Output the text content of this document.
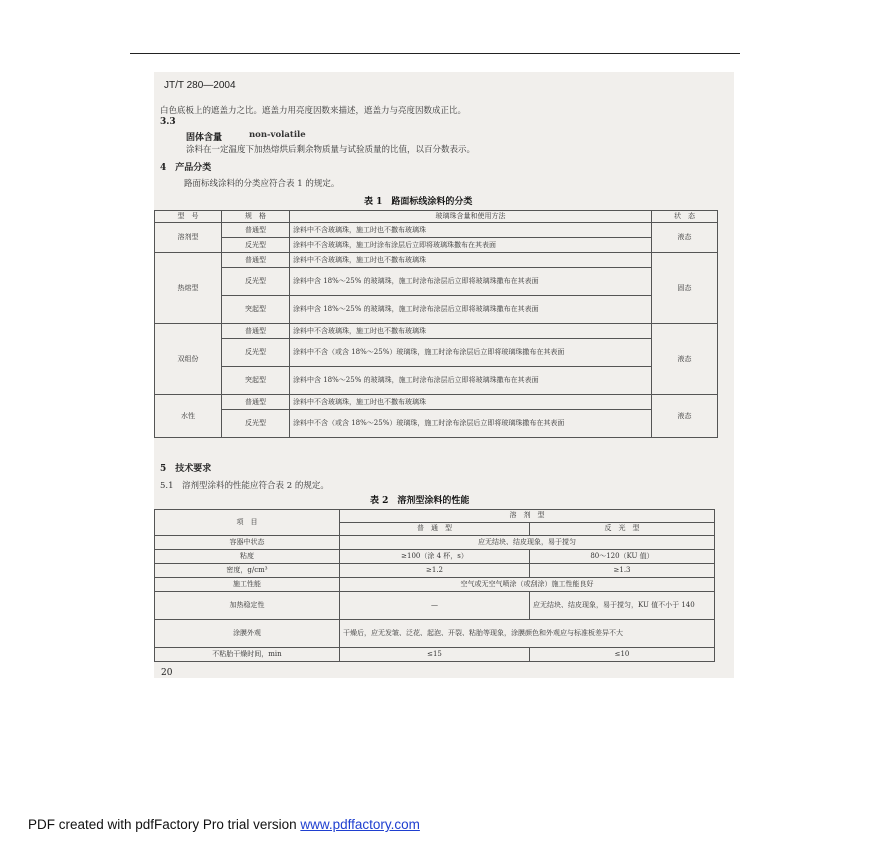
JT/T 280—2004
白色底板上的遮盖力之比。遮盖力用亮度因数来描述，遮盖力与亮度因数成正比。
3.3
固体含量	non-volatile
涂料在一定温度下加热熔烘后剩余物质量与试验质量的比值，以百分数表示。
4　产品分类
路面标线涂料的分类应符合表 1 的规定。
表 1　路面标线涂料的分类
型　号	规　格	玻璃珠含量和使用方法	状　态
溶剂型	普通型	涂料中不含玻璃珠，施工时也不撒布玻璃珠	液态
	反光型	涂料中不含玻璃珠，施工时涂布涂层后立即将玻璃珠撒布在其表面	
热熔型	普通型	涂料中不含玻璃珠，施工时也不撒布玻璃珠	固态
	反光型	涂料中含 18%～25% 的玻璃珠，施工时涂布涂层后立即将玻璃珠撒布在其表面	
	突起型	涂料中含 18%～25% 的玻璃珠，施工时涂布涂层后立即将玻璃珠撒布在其表面	
双组份	普通型	涂料中不含玻璃珠，施工时也不撒布玻璃珠	液态
	反光型	涂料中不含（或含 18%～25%）玻璃珠，施工时涂布涂层后立即将玻璃珠撒布在其表面	
	突起型	涂料中含 18%～25% 的玻璃珠，施工时涂布涂层后立即将玻璃珠撒布在其表面	
水性	普通型	涂料中不含玻璃珠，施工时也不撒布玻璃珠	液态
	反光型	涂料中不含（或含 18%～25%）玻璃珠，施工时涂布涂层后立即将玻璃珠撒布在其表面	
5　技术要求
5.1　溶剂型涂料的性能应符合表 2 的规定。
表 2　溶剂型涂料的性能
项　目	溶　剂　型	
	普　通　型	反　光　型
容器中状态	应无结块、结皮现象，易于搅匀	
粘度	≥100（涂 4 杯，s）	80～120（KU 值）
密度，g/cm³	≥1.2	≥1.3
施工性能	空气或无空气喷涂（或刮涂）施工性能良好	
加热稳定性	—	应无结块、结皮现象，易于搅匀，KU 值不小于 140
涂膜外观	干燥后，应无发皱、泛花、起泡、开裂、粘胎等现象，涂膜颜色和外观应与标准板差异不大	
不粘胎干燥时间，min	≤15	≤10
20
PDF created with pdfFactory Pro trial version www.pdffactory.com
